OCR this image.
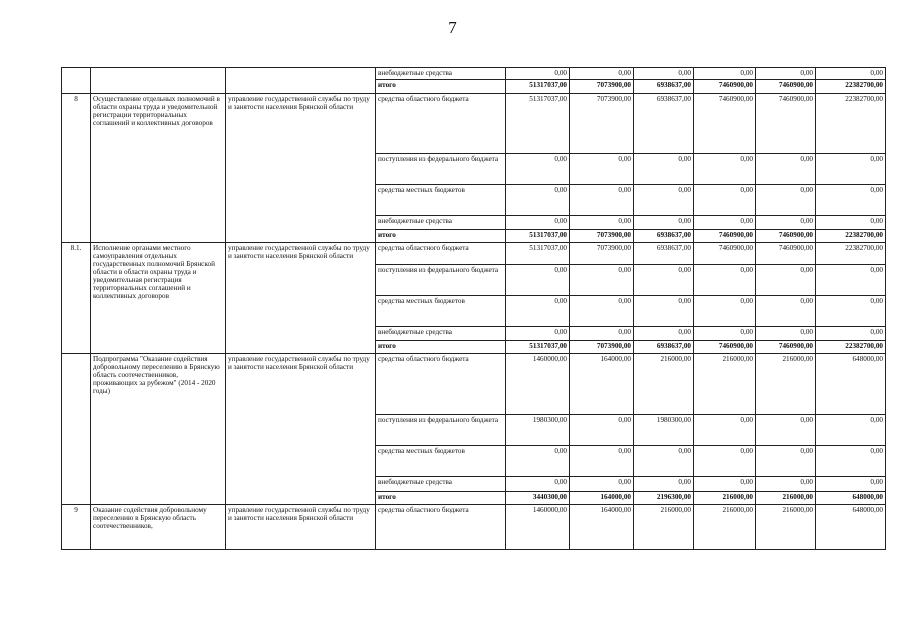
7
			внебюджетные средства	0,00	0,00	0,00	0,00	0,00	0,00
			итого	51317037,00	7073900,00	6938637,00	7460900,00	7460900,00	22382700,00
8	Осуществление отдельных полномочий в области охраны труда и уведомительной регистрации территориальных соглашений и коллективных договоров	управление государственной службы по труду и занятости населения Брянской области	средства областного бюджета	51317037,00	7073900,00	6938637,00	7460900,00	7460900,00	22382700,00
			поступления из федерального бюджета	0,00	0,00	0,00	0,00	0,00	0,00
			средства местных бюджетов	0,00	0,00	0,00	0,00	0,00	0,00
			внебюджетные средства	0,00	0,00	0,00	0,00	0,00	0,00
			итого	51317037,00	7073900,00	6938637,00	7460900,00	7460900,00	22382700,00
8.1.	Исполнение органами местного самоуправления отдельных государственных полномочий Брянской области в области охраны труда и уведомительная регистрация территориальных соглашений и коллективных договоров	управление государственной службы по труду и занятости населения Брянской области	средства областного бюджета	51317037,00	7073900,00	6938637,00	7460900,00	7460900,00	22382700,00
			поступления из федерального бюджета	0,00	0,00	0,00	0,00	0,00	0,00
			средства местных бюджетов	0,00	0,00	0,00	0,00	0,00	0,00
			внебюджетные средства	0,00	0,00	0,00	0,00	0,00	0,00
			итого	51317037,00	7073900,00	6938637,00	7460900,00	7460900,00	22382700,00
	Подпрограмма "Оказание содействия добровольному переселению в Брянскую область соотечественников, проживающих за рубежом" (2014 - 2020 годы)	управление государственной службы по труду и занятости населения Брянской области	средства областного бюджета	1460000,00	164000,00	216000,00	216000,00	216000,00	648000,00
			поступления из федерального бюджета	1980300,00	0,00	1980300,00	0,00	0,00	0,00
			средства местных бюджетов	0,00	0,00	0,00	0,00	0,00	0,00
			внебюджетные средства	0,00	0,00	0,00	0,00	0,00	0,00
			итого	3440300,00	164000,00	2196300,00	216000,00	216000,00	648000,00
9	Оказание содействия добровольному переселению в Брянскую область соотечественников,	управление государственной службы по труду и занятости населения Брянской области	средства областного бюджета	1460000,00	164000,00	216000,00	216000,00	216000,00	648000,00
